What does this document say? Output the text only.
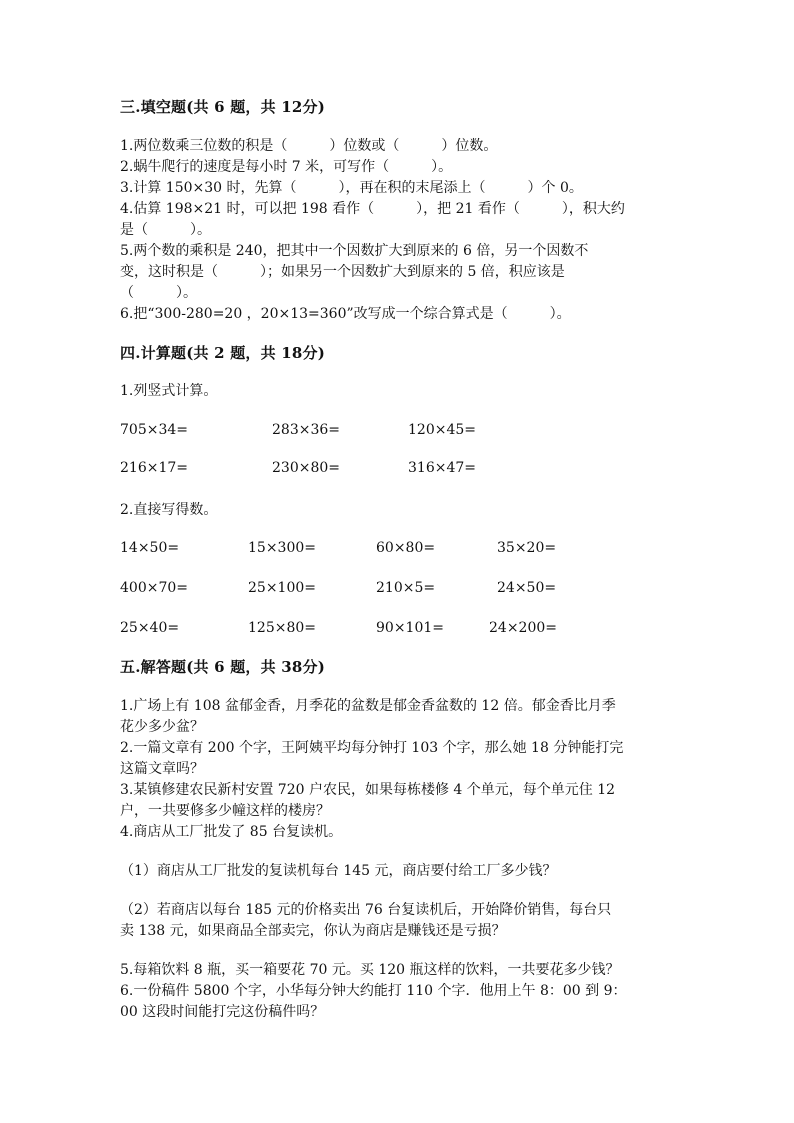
三.填空题(共 6 题，共 12分)
1.两位数乘三位数的积是（　　　）位数或（　　　）位数。
2.蜗牛爬行的速度是每小时 7 米，可写作（　　　）。
3.计算 150×30 时，先算（　　　），再在积的末尾添上（　　　）个 0。
4.估算 198×21 时，可以把 198 看作（　　　），把 21 看作（　　　），积大约
是（　　　）。
5.两个数的乘积是 240，把其中一个因数扩大到原来的 6 倍，另一个因数不
变，这时积是（　　　）；如果另一个因数扩大到原来的 5 倍，积应该是
（　　　）。
6.把“300-280=20 ，20×13=360”改写成一个综合算式是（　　　）。
四.计算题(共 2 题，共 18分)
1.列竖式计算。
705×34=	283×36=	120×45=
216×17=	230×80=	316×47=
2.直接写得数。
14×50=	15×300=	60×80=	35×20=
400×70=	25×100=	210×5=	24×50=
25×40=	125×80=	90×101=	24×200=
五.解答题(共 6 题，共 38分)
1.广场上有 108 盆郁金香，月季花的盆数是郁金香盆数的 12 倍。郁金香比月季
花少多少盆？
2.一篇文章有 200 个字，王阿姨平均每分钟打 103 个字，那么她 18 分钟能打完
这篇文章吗？
3.某镇修建农民新村安置 720 户农民，如果每栋楼修 4 个单元，每个单元住 12
户，一共要修多少幢这样的楼房？
4.商店从工厂批发了 85 台复读机。
（1）商店从工厂批发的复读机每台 145 元，商店要付给工厂多少钱？
（2）若商店以每台 185 元的价格卖出 76 台复读机后，开始降价销售，每台只
卖 138 元，如果商品全部卖完，你认为商店是赚钱还是亏损？
5.每箱饮料 8 瓶，买一箱要花 70 元。买 120 瓶这样的饮料，一共要花多少钱？
6.一份稿件 5800 个字，小华每分钟大约能打 110 个字．他用上午 8：00 到 9：
00 这段时间能打完这份稿件吗？
